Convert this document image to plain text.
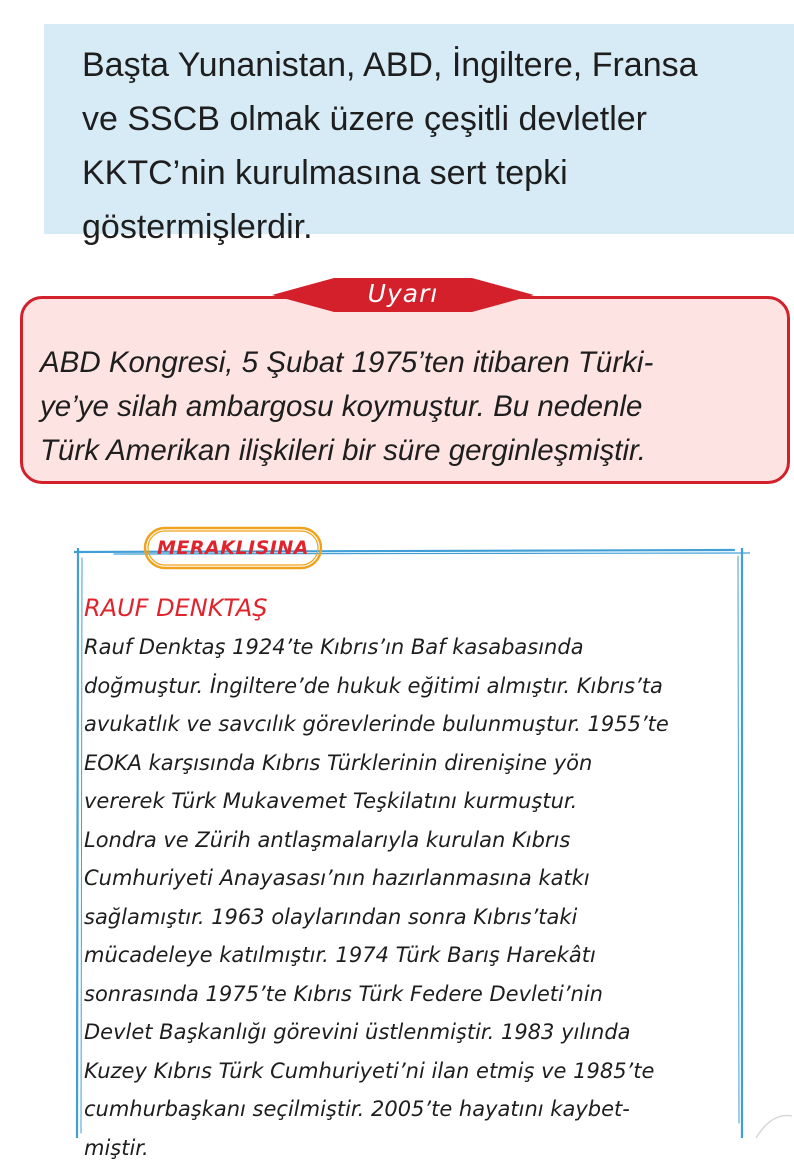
Başta Yunanistan, ABD, İngiltere, Fransa
ve SSCB olmak üzere çeşitli devletler
KKTC’nin kurulmasına sert tepki
göstermişlerdir.

Uyarı

ABD Kongresi, 5 Şubat 1975’ten itibaren Türki-
ye’ye silah ambargosu koymuştur. Bu nedenle
Türk Amerikan ilişkileri bir süre gerginleşmiştir.

MERAKLISINA
RAUF DENKTAŞ

Rauf Denktaş 1924’te Kıbrıs’ın Baf kasabasında
doğmuştur. İngiltere’de hukuk eğitimi almıştır. Kıbrıs’ta
avukatlık ve savcılık görevlerinde bulunmuştur. 1955’te
EOKA karşısında Kıbrıs Türklerinin direnişine yön
vererek Türk Mukavemet Teşkilatını kurmuştur.
Londra ve Zürih antlaşmalarıyla kurulan Kıbrıs
Cumhuriyeti Anayasası’nın hazırlanmasına katkı
sağlamıştır. 1963 olaylarından sonra Kıbrıs’taki
mücadeleye katılmıştır. 1974 Türk Barış Harekâtı
sonrasında 1975’te Kıbrıs Türk Federe Devleti’nin
Devlet Başkanlığı görevini üstlenmiştir. 1983 yılında
Kuzey Kıbrıs Türk Cumhuriyeti’ni ilan etmiş ve 1985’te
cumhurbaşkanı seçilmiştir. 2005’te hayatını kaybet-
miştir.
